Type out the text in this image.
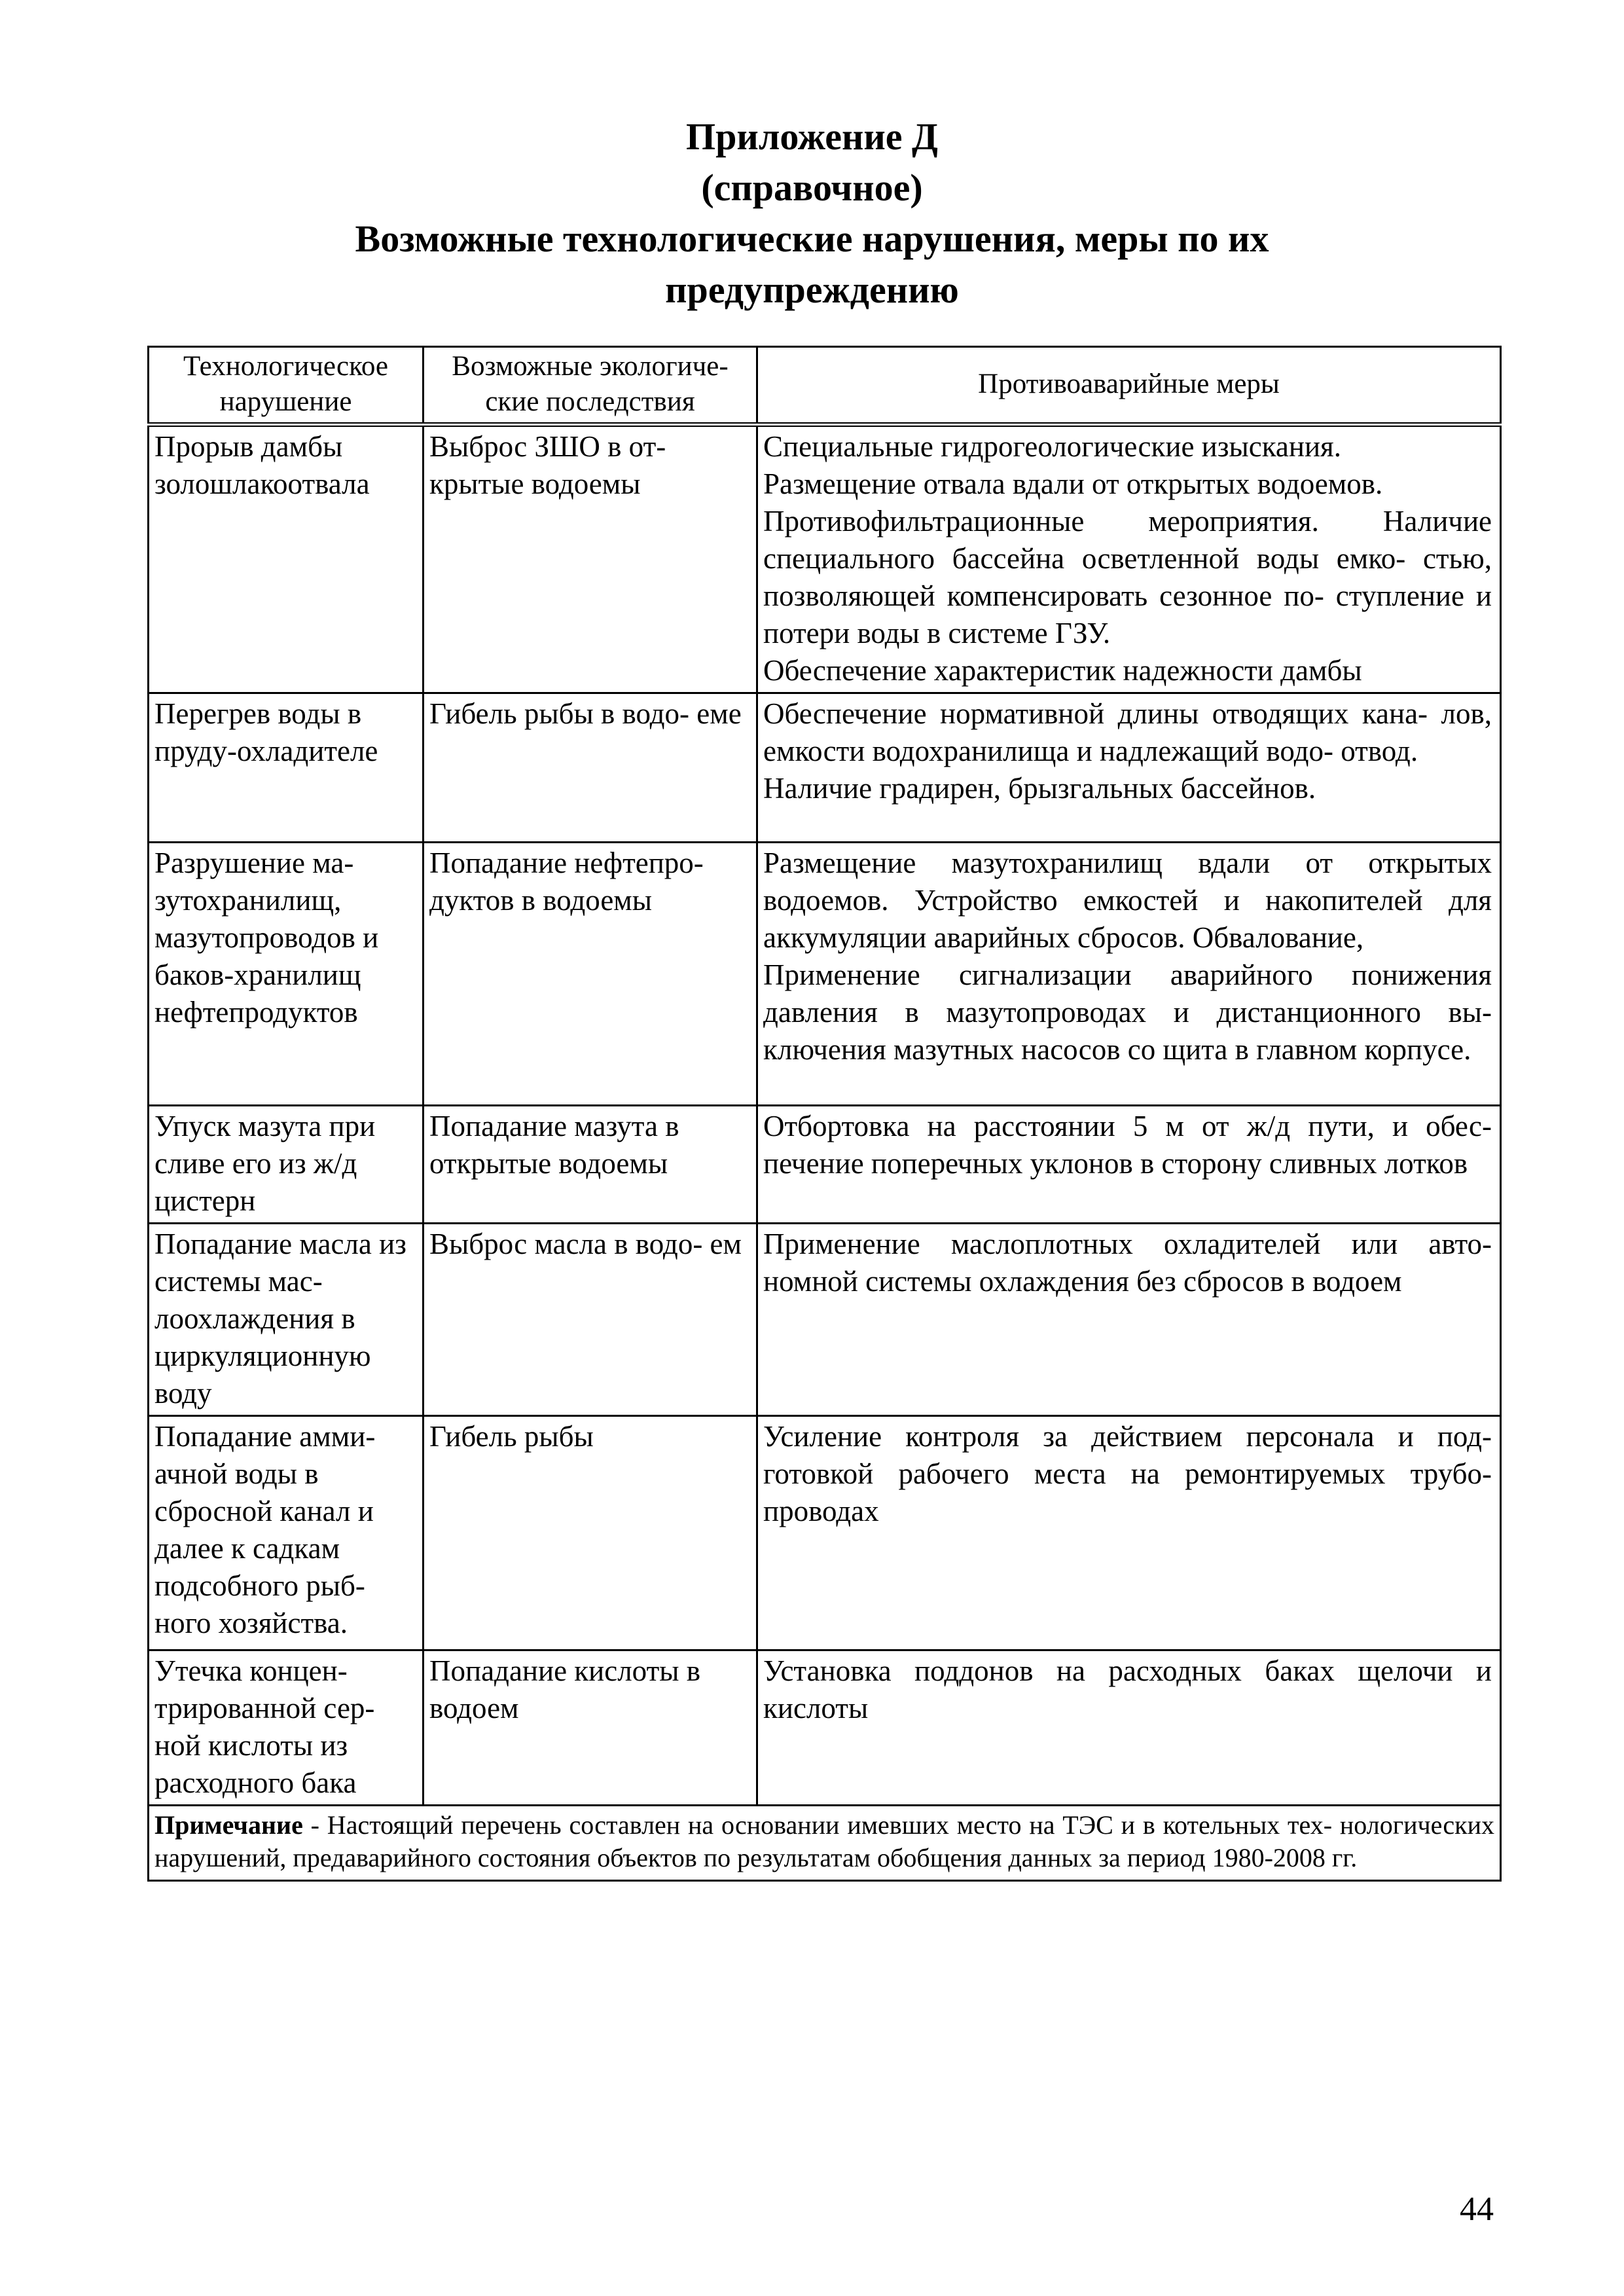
Приложение Д
(справочное)
Возможные технологические нарушения, меры по их
предупреждению
Технологическое нарушение	Возможные экологиче- ские последствия	Противоаварийные меры
Прорыв дамбы золошлакоотвала	Выброс ЗШО в от- крытые водоемы	Специальные гидрогеологические изыскания.

Размещение отвала вдали от открытых водоемов.

Противофильтрационные мероприятия. Наличие специального бассейна осветленной воды емко- стью, позволяющей компенсировать сезонное по- ступление и потери воды в системе ГЗУ.

Обеспечение характеристик надежности дамбы

Перегрев воды в пруду-охладителе	Гибель рыбы в водо- еме	Обеспечение нормативной длины отводящих кана- лов, емкости водохранилища и надлежащий водо- отвод.

Наличие градирен, брызгальных бассейнов.

Разрушение ма- зутохранилищ, мазутопроводов и баков-хранилищ нефтепродуктов	Попадание нефтепро- дуктов в водоемы	Размещение мазутохранилищ вдали от открытых водоемов. Устройство емкостей и накопителей для аккумуляции аварийных сбросов. Обвалование,

Применение сигнализации аварийного понижения давления в мазутопроводах и дистанционного вы- ключения мазутных насосов со щита в главном корпусе.

Упуск мазута при сливе его из ж/д цистерн	Попадание мазута в открытые водоемы	Отбортовка на расстоянии 5 м от ж/д пути, и обес- печение поперечных уклонов в сторону сливных лотков

Попадание масла из системы мас- лоохлаждения в циркуляционную воду	Выброс масла в водо- ем	Применение маслоплотных охладителей или авто- номной системы охлаждения без сбросов в водоем

Попадание амми- ачной воды в сбросной канал и далее к садкам подсобного рыб- ного хозяйства.	Гибель рыбы	Усиление контроля за действием персонала и под- готовкой рабочего места на ремонтируемых трубо- проводах

Утечка концен- трированной сер- ной кислоты из расходного бака	Попадание кислоты в водоем	Установка поддонов на расходных баках щелочи и кислоты

Примечание - Настоящий перечень составлен на основании имевших место на ТЭС и в котельных тех- нологических нарушений, предаварийного состояния объектов по результатам обобщения данных за период 1980-2008 гг.		
44
